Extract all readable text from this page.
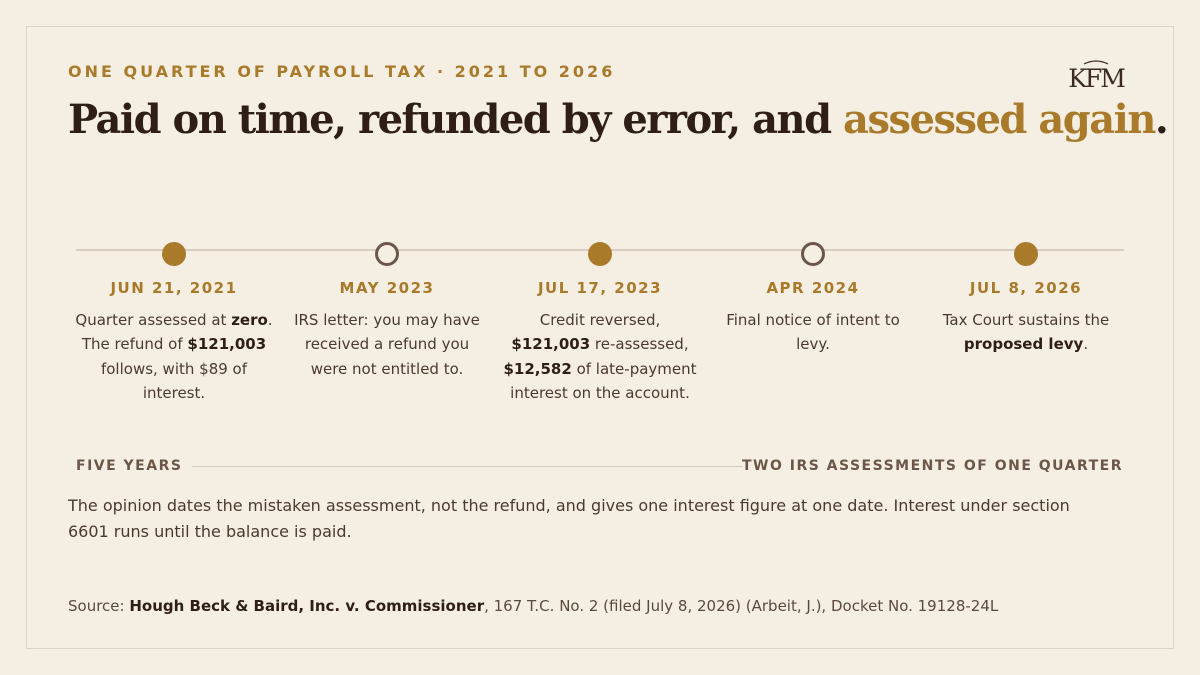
ONE QUARTER OF PAYROLL TAX · 2021 TO 2026	KFM
Paid on time, refunded by error, and assessed again.
JUN 21, 2021
Quarter assessed at zero. The refund of $121,003 follows, with $89 of interest.
MAY 2023
IRS letter: you may have received a refund you were not entitled to.
JUL 17, 2023
Credit reversed, $121,003 re-assessed, $12,582 of late-payment interest on the account.
APR 2024
Final notice of intent to levy.
JUL 8, 2026
Tax Court sustains the proposed levy.
FIVE YEARS	TWO IRS ASSESSMENTS OF ONE QUARTER

The opinion dates the mistaken assessment, not the refund, and gives one interest figure at one date. Interest under section 6601 runs until the balance is paid.

Source: Hough Beck & Baird, Inc. v. Commissioner, 167 T.C. No. 2 (filed July 8, 2026) (Arbeit, J.), Docket No. 19128-24L
